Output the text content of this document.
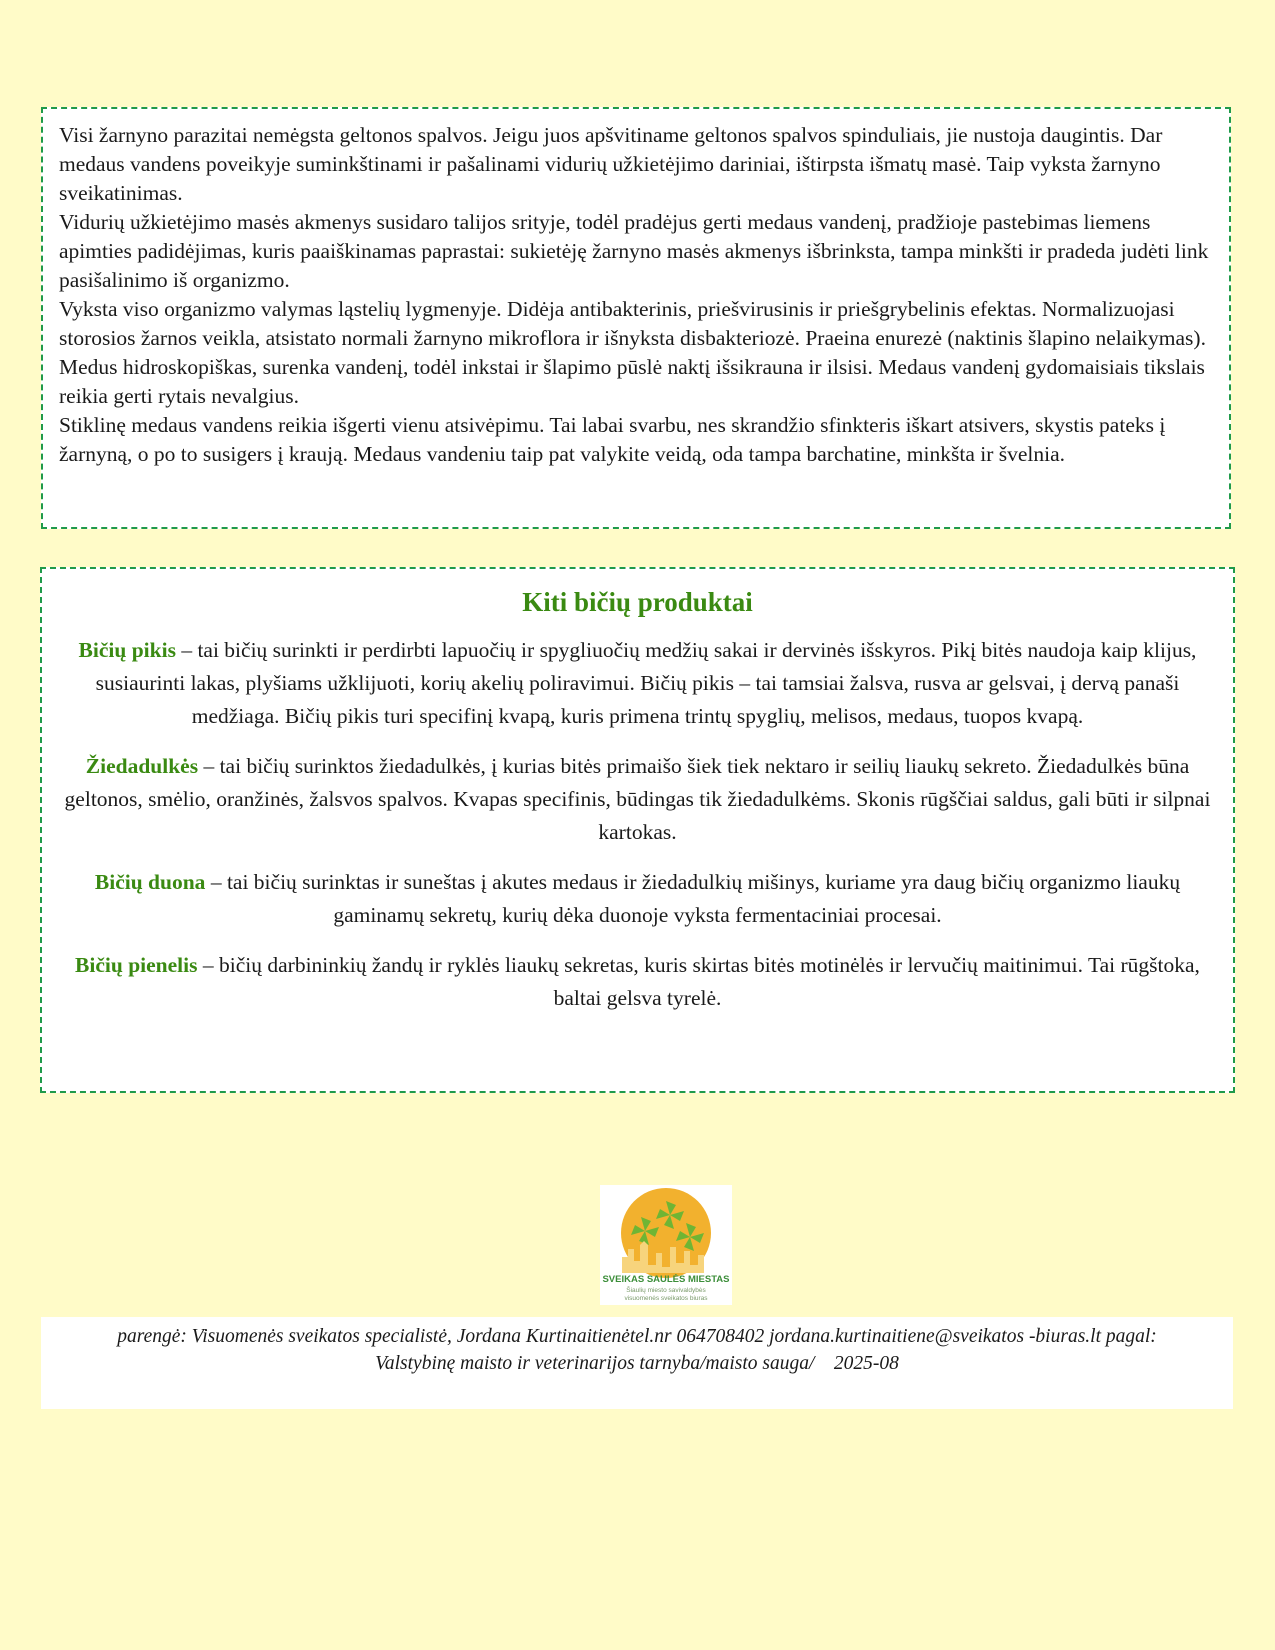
Visi žarnyno parazitai nemėgsta geltonos spalvos. Jeigu juos apšvitiname geltonos spalvos spinduliais, jie nustoja daugintis. Dar medaus vandens poveikyje suminkštinami ir pašalinami vidurių užkietėjimo dariniai, ištirpsta išmatų masė. Taip vyksta žarnyno sveikatinimas.

Vidurių užkietėjimo masės akmenys susidaro talijos srityje, todėl pradėjus gerti medaus vandenį, pradžioje pastebimas liemens apimties padidėjimas, kuris paaiškinamas paprastai: sukietėję žarnyno masės akmenys išbrinksta, tampa minkšti ir pradeda judėti link pasišalinimo iš organizmo.

Vyksta viso organizmo valymas ląstelių lygmenyje. Didėja antibakterinis, priešvirusinis ir priešgrybelinis efektas. Normalizuojasi storosios žarnos veikla, atsistato normali žarnyno mikroflora ir išnyksta disbakteriozė. Praeina enurezė (naktinis šlapino nelaikymas). Medus hidroskopiškas, surenka vandenį, todėl inkstai ir šlapimo pūslė naktį išsikrauna ir ilsisi. Medaus vandenį gydomaisiais tikslais reikia gerti rytais nevalgius.

Stiklinę medaus vandens reikia išgerti vienu atsivėpimu. Tai labai svarbu, nes skrandžio sfinkteris iškart atsivers, skystis pateks į žarnyną, o po to susigers į kraują. Medaus vandeniu taip pat valykite veidą, oda tampa barchatine, minkšta ir švelnia.

Kiti bičių produktai

Bičių pikis – tai bičių surinkti ir perdirbti lapuočių ir spygliuočių medžių sakai ir dervinės išskyros. Pikį bitės naudoja kaip klijus, susiaurinti lakas, plyšiams užklijuoti, korių akelių poliravimui. Bičių pikis – tai tamsiai žalsva, rusva ar gelsvai, į dervą panaši medžiaga. Bičių pikis turi specifinį kvapą, kuris primena trintų spyglių, melisos, medaus, tuopos kvapą.

Žiedadulkės – tai bičių surinktos žiedadulkės, į kurias bitės primaišo šiek tiek nektaro ir seilių liaukų sekreto. Žiedadulkės būna geltonos, smėlio, oranžinės, žalsvos spalvos. Kvapas specifinis, būdingas tik žiedadulkėms. Skonis rūgščiai saldus, gali būti ir silpnai kartokas.

Bičių duona – tai bičių surinktas ir suneštas į akutes medaus ir žiedadulkių mišinys, kuriame yra daug bičių organizmo liaukų gaminamų sekretų, kurių dėka duonoje vyksta fermentaciniai procesai.

Bičių pienelis – bičių darbininkių žandų ir ryklės liaukų sekretas, kuris skirtas bitės motinėlės ir lervučių maitinimui. Tai rūgštoka, baltai gelsva tyrelė.

SVEIKAS SAULĖS MIESTAS
Šiaulių miesto savivaldybės
visuomenės sveikatos biuras
parengė: Visuomenės sveikatos specialistė, Jordana Kurtinaitienėtel.nr 064708402 jordana.kurtinaitiene@sveikatos -biuras.lt pagal:
Valstybinę maisto ir veterinarijos tarnyba/maisto sauga/    2025-08
